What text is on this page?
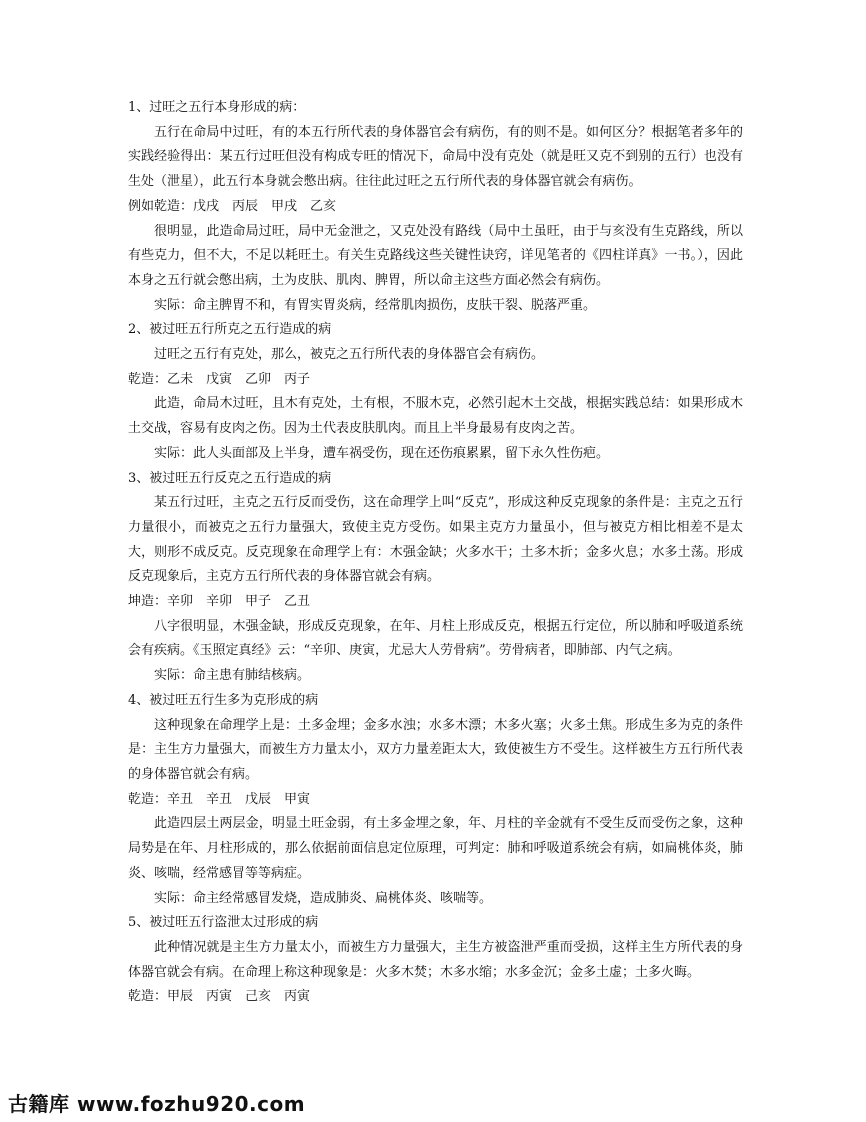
1、过旺之五行本身形成的病：

五行在命局中过旺，有的本五行所代表的身体器官会有病伤，有的则不是。如何区分？根据笔者多年的实践经验得出：某五行过旺但没有构成专旺的情况下，命局中没有克处（就是旺又克不到别的五行）也没有生处（泄星），此五行本身就会憋出病。往往此过旺之五行所代表的身体器官就会有病伤。

例如乾造：戊戌　丙辰　甲戌　乙亥

很明显，此造命局过旺，局中无金泄之，又克处没有路线（局中土虽旺，由于与亥没有生克路线，所以有些克力，但不大，不足以耗旺土。有关生克路线这些关键性诀窍，详见笔者的《四柱详真》一书。），因此本身之五行就会憋出病，土为皮肤、肌肉、脾胃，所以命主这些方面必然会有病伤。

实际：命主脾胃不和，有胃实胃炎病，经常肌肉损伤，皮肤干裂、脱落严重。

2、被过旺五行所克之五行造成的病

过旺之五行有克处，那么，被克之五行所代表的身体器官会有病伤。

乾造：乙未　戊寅　乙卯　丙子

此造，命局木过旺，且木有克处，土有根，不服木克，必然引起木土交战，根据实践总结：如果形成木土交战，容易有皮肉之伤。因为土代表皮肤肌肉。而且上半身最易有皮肉之苦。

实际：此人头面部及上半身，遭车祸受伤，现在还伤痕累累，留下永久性伤疤。

3、被过旺五行反克之五行造成的病

某五行过旺，主克之五行反而受伤，这在命理学上叫“反克”，形成这种反克现象的条件是：主克之五行力量很小，而被克之五行力量强大，致使主克方受伤。如果主克方力量虽小，但与被克方相比相差不是太大，则形不成反克。反克现象在命理学上有：木强金缺；火多水干；土多木折；金多火息；水多土荡。形成反克现象后，主克方五行所代表的身体器官就会有病。

坤造：辛卯　辛卯　甲子　乙丑

八字很明显，木强金缺，形成反克现象，在年、月柱上形成反克，根据五行定位，所以肺和呼吸道系统会有疾病。《玉照定真经》云：“辛卯、庚寅，尤忌大人劳骨病”。劳骨病者，即肺部、内气之病。

实际：命主患有肺结核病。

4、被过旺五行生多为克形成的病

这种现象在命理学上是：土多金埋；金多水浊；水多木漂；木多火塞；火多土焦。形成生多为克的条件是：主生方力量强大，而被生方力量太小，双方力量差距太大，致使被生方不受生。这样被生方五行所代表的身体器官就会有病。

乾造：辛丑　辛丑　戊辰　甲寅

此造四层土两层金，明显土旺金弱，有土多金埋之象，年、月柱的辛金就有不受生反而受伤之象，这种局势是在年、月柱形成的，那么依据前面信息定位原理，可判定：肺和呼吸道系统会有病，如扁桃体炎，肺炎、咳喘，经常感冒等等病症。

实际：命主经常感冒发烧，造成肺炎、扁桃体炎、咳喘等。

5、被过旺五行盗泄太过形成的病

此种情况就是主生方力量太小，而被生方力量强大，主生方被盗泄严重而受损，这样主生方所代表的身体器官就会有病。在命理上称这种现象是：火多木焚；木多水缩；水多金沉；金多土虚；土多火晦。

乾造：甲辰　丙寅　己亥　丙寅

古籍库 www.fozhu920.com
